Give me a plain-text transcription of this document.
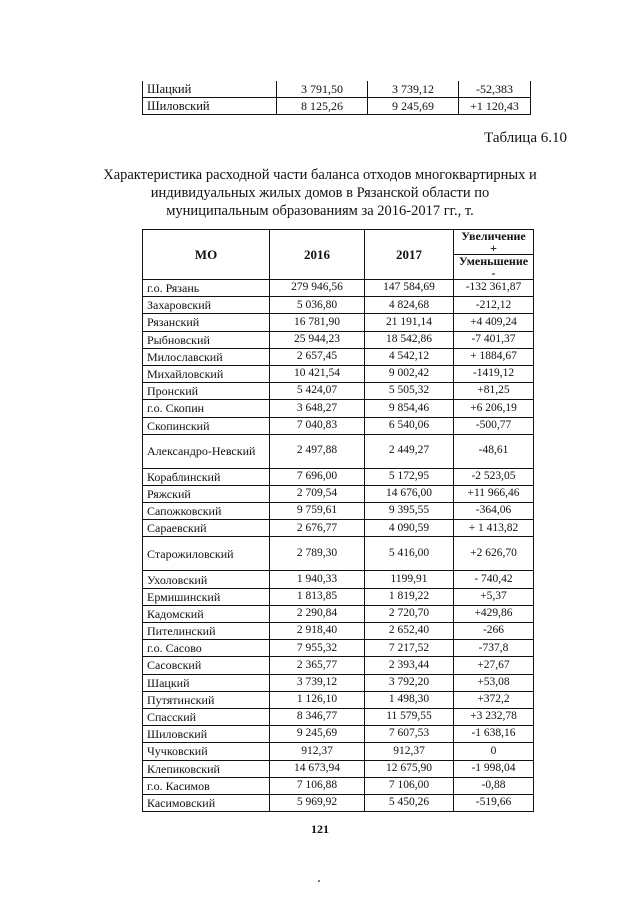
Шацкий	3 791,50	3 739,12	-52,383
Шиловский	8 125,26	9 245,69	+1 120,43
Таблица 6.10
Характеристика расходной части баланса отходов многоквартирных и индивидуальных жилых домов в Рязанской области по муниципальным образованиям за 2016-2017 гг., т.
МО	2016	2017	Увеличение +
			Уменьшение -
г.о. Рязань	279 946,56	147 584,69	-132 361,87
Захаровский	5 036,80	4 824,68	-212,12
Рязанский	16 781,90	21 191,14	+4 409,24
Рыбновский	25 944,23	18 542,86	-7 401,37
Милославский	2 657,45	4 542,12	+ 1884,67
Михайловский	10 421,54	9 002,42	-1419,12
Пронский	5 424,07	5 505,32	+81,25
г.о. Скопин	3 648,27	9 854,46	+6 206,19
Скопинский	7 040,83	6 540,06	-500,77
Александро-Невский	2 497,88	2 449,27	-48,61
Кораблинский	7 696,00	5 172,95	-2 523,05
Ряжский	2 709,54	14 676,00	+11 966,46
Сапожковский	9 759,61	9 395,55	-364,06
Сараевский	2 676,77	4 090,59	+ 1 413,82
Старожиловский	2 789,30	5 416,00	+2 626,70
Ухоловский	1 940,33	1199,91	- 740,42
Ермишинский	1 813,85	1 819,22	+5,37
Кадомский	2 290,84	2 720,70	+429,86
Пителинский	2 918,40	2 652,40	-266
г.о. Сасово	7 955,32	7 217,52	-737,8
Сасовский	2 365,77	2 393,44	+27,67
Шацкий	3 739,12	3 792,20	+53,08
Путятинский	1 126,10	1 498,30	+372,2
Спасский	8 346,77	11 579,55	+3 232,78
Шиловский	9 245,69	7 607,53	-1 638,16
Чучковский	912,37	912,37	0
Клепиковский	14 673,94	12 675,90	-1 998,04
г.о. Касимов	7 106,88	7 106,00	-0,88
Касимовский	5 969,92	5 450,26	-519,66
121
